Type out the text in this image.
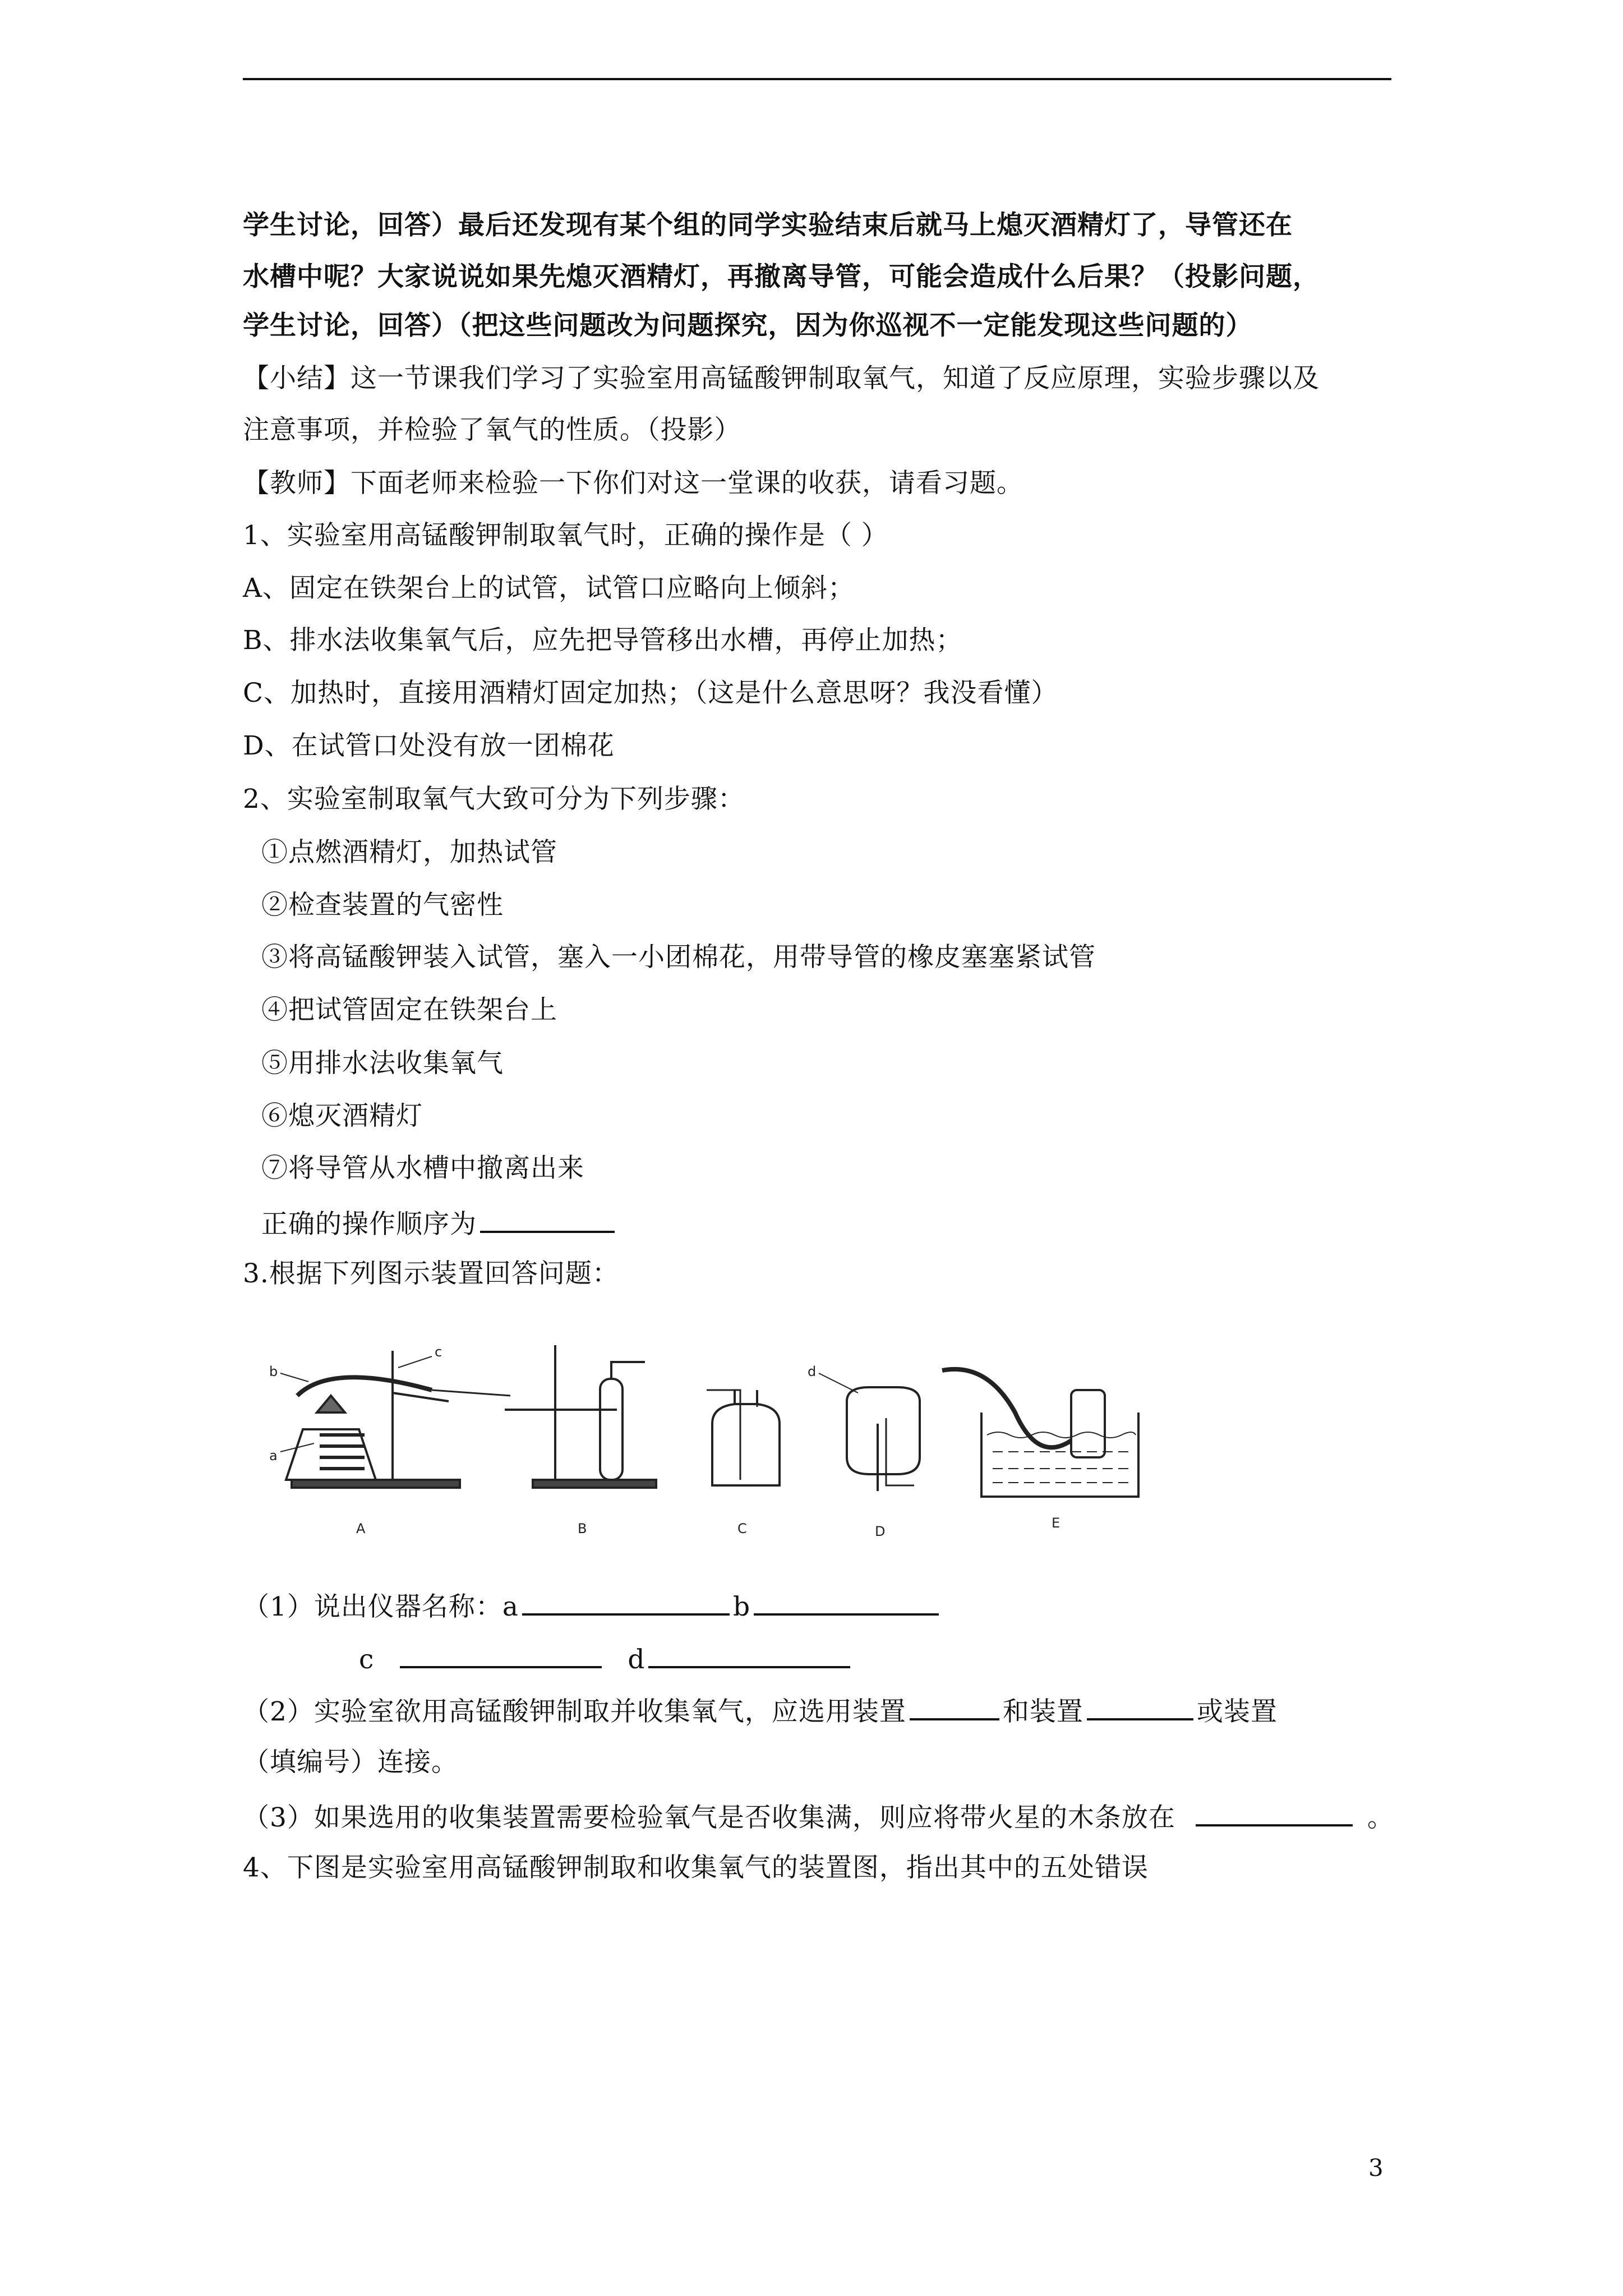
学生讨论，回答）最后还发现有某个组的同学实验结束后就马上熄灭酒精灯了，导管还在
水槽中呢？大家说说如果先熄灭酒精灯，再撤离导管，可能会造成什么后果？（投影问题，
学生讨论，回答）（把这些问题改为问题探究，因为你巡视不一定能发现这些问题的）
【小结】这一节课我们学习了实验室用高锰酸钾制取氧气，知道了反应原理，实验步骤以及
注意事项，并检验了氧气的性质。（投影）
【教师】下面老师来检验一下你们对这一堂课的收获，请看习题。
1、实验室用高锰酸钾制取氧气时，正确的操作是（ ）
A、固定在铁架台上的试管，试管口应略向上倾斜；
B、排水法收集氧气后，应先把导管移出水槽，再停止加热；
C、加热时，直接用酒精灯固定加热；（这是什么意思呀？我没看懂）
D、在试管口处没有放一团棉花
2、实验室制取氧气大致可分为下列步骤：
①点燃酒精灯，加热试管
②检查装置的气密性
③将高锰酸钾装入试管，塞入一小团棉花，用带导管的橡皮塞塞紧试管
④把试管固定在铁架台上
⑤用排水法收集氧气
⑥熄灭酒精灯
⑦将导管从水槽中撤离出来
正确的操作顺序为
3.根据下列图示装置回答问题：
a
b
c
A	B	C
d
D
E
（1）说出仪器名称：a	b
c	d
（2）实验室欲用高锰酸钾制取并收集氧气，应选用装置	和装置	或装置
（填编号）连接。
（3）如果选用的收集装置需要检验氧气是否收集满，则应将带火星的木条放在	。
4、下图是实验室用高锰酸钾制取和收集氧气的装置图，指出其中的五处错误
3
